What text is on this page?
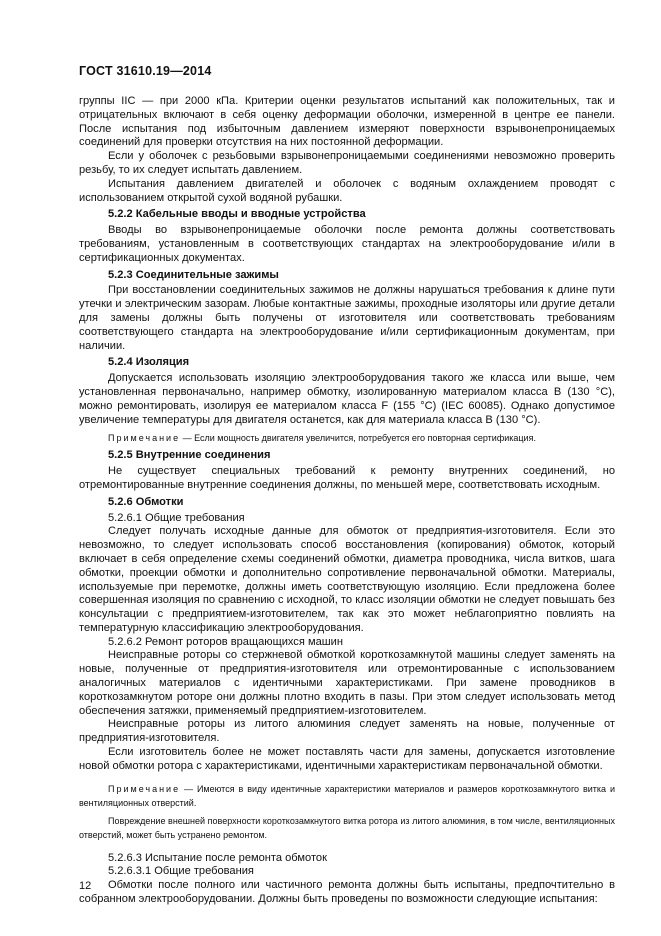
ГОСТ 31610.19—2014

группы IIC — при 2000 кПа. Критерии оценки результатов испытаний как положительных, так и отрицательных включают в себя оценку деформации оболочки, измеренной в центре ее панели. После испытания под избыточным давлением измеряют поверхности взрывонепроницаемых соединений для проверки отсутствия на них постоянной деформации.

Если у оболочек с резьбовыми взрывонепроницаемыми соединениями невозможно проверить резьбу, то их следует испытать давлением.

Испытания давлением двигателей и оболочек с водяным охлаждением проводят с использованием открытой сухой водяной рубашки.

5.2.2 Кабельные вводы и вводные устройства

Вводы во взрывонепроницаемые оболочки после ремонта должны соответствовать требованиям, установленным в соответствующих стандартах на электрооборудование и/или в сертификационных документах.

5.2.3 Соединительные зажимы

При восстановлении соединительных зажимов не должны нарушаться требования к длине пути утечки и электрическим зазорам. Любые контактные зажимы, проходные изоляторы или другие детали для замены должны быть получены от изготовителя или соответствовать требованиям соответствующего стандарта на электрооборудование и/или сертификационным документам, при наличии.

5.2.4 Изоляция

Допускается использовать изоляцию электрооборудования такого же класса или выше, чем установленная первоначально, например обмотку, изолированную материалом класса В (130 °С), можно ремонтировать, изолируя ее материалом класса F (155 °С) (IEC 60085). Однако допустимое увеличение температуры для двигателя останется, как для материала класса В (130 °С).

Примечание — Если мощность двигателя увеличится, потребуется его повторная сертификация.
5.2.5 Внутренние соединения

Не существует специальных требований к ремонту внутренних соединений, но отремонтированные внутренние соединения должны, по меньшей мере, соответствовать исходным.

5.2.6 Обмотки

5.2.6.1 Общие требования

Следует получать исходные данные для обмоток от предприятия-изготовителя. Если это невозможно, то следует использовать способ восстановления (копирования) обмоток, который включает в себя определение схемы соединений обмотки, диаметра проводника, числа витков, шага обмотки, проекции обмотки и дополнительно сопротивление первоначальной обмотки. Материалы, используемые при перемотке, должны иметь соответствующую изоляцию. Если предложена более совершенная изоляция по сравнению с исходной, то класс изоляции обмотки не следует повышать без консультации с предприятием-изготовителем, так как это может неблагоприятно повлиять на температурную классификацию электрооборудования.

5.2.6.2 Ремонт роторов вращающихся машин

Неисправные роторы со стержневой обмоткой короткозамкнутой машины следует заменять на новые, полученные от предприятия-изготовителя или отремонтированные с использованием аналогичных материалов с идентичными характеристиками. При замене проводников в короткозамкнутом роторе они должны плотно входить в пазы. При этом следует использовать метод обеспечения затяжки, применяемый предприятием-изготовителем.

Неисправные роторы из литого алюминия следует заменять на новые, полученные от предприятия-изготовителя.

Если изготовитель более не может поставлять части для замены, допускается изготовление новой обмотки ротора с характеристиками, идентичными характеристикам первоначальной обмотки.

Примечание — Имеются в виду идентичные характеристики материалов и размеров короткозамкнутого витка и вентиляционных отверстий.
Повреждение внешней поверхности короткозамкнутого витка ротора из литого алюминия, в том числе, вентиляционных отверстий, может быть устранено ремонтом.

5.2.6.3 Испытание после ремонта обмоток

5.2.6.3.1 Общие требования

Обмотки после полного или частичного ремонта должны быть испытаны, предпочтительно в собранном электрооборудовании. Должны быть проведены по возможности следующие испытания:

12
